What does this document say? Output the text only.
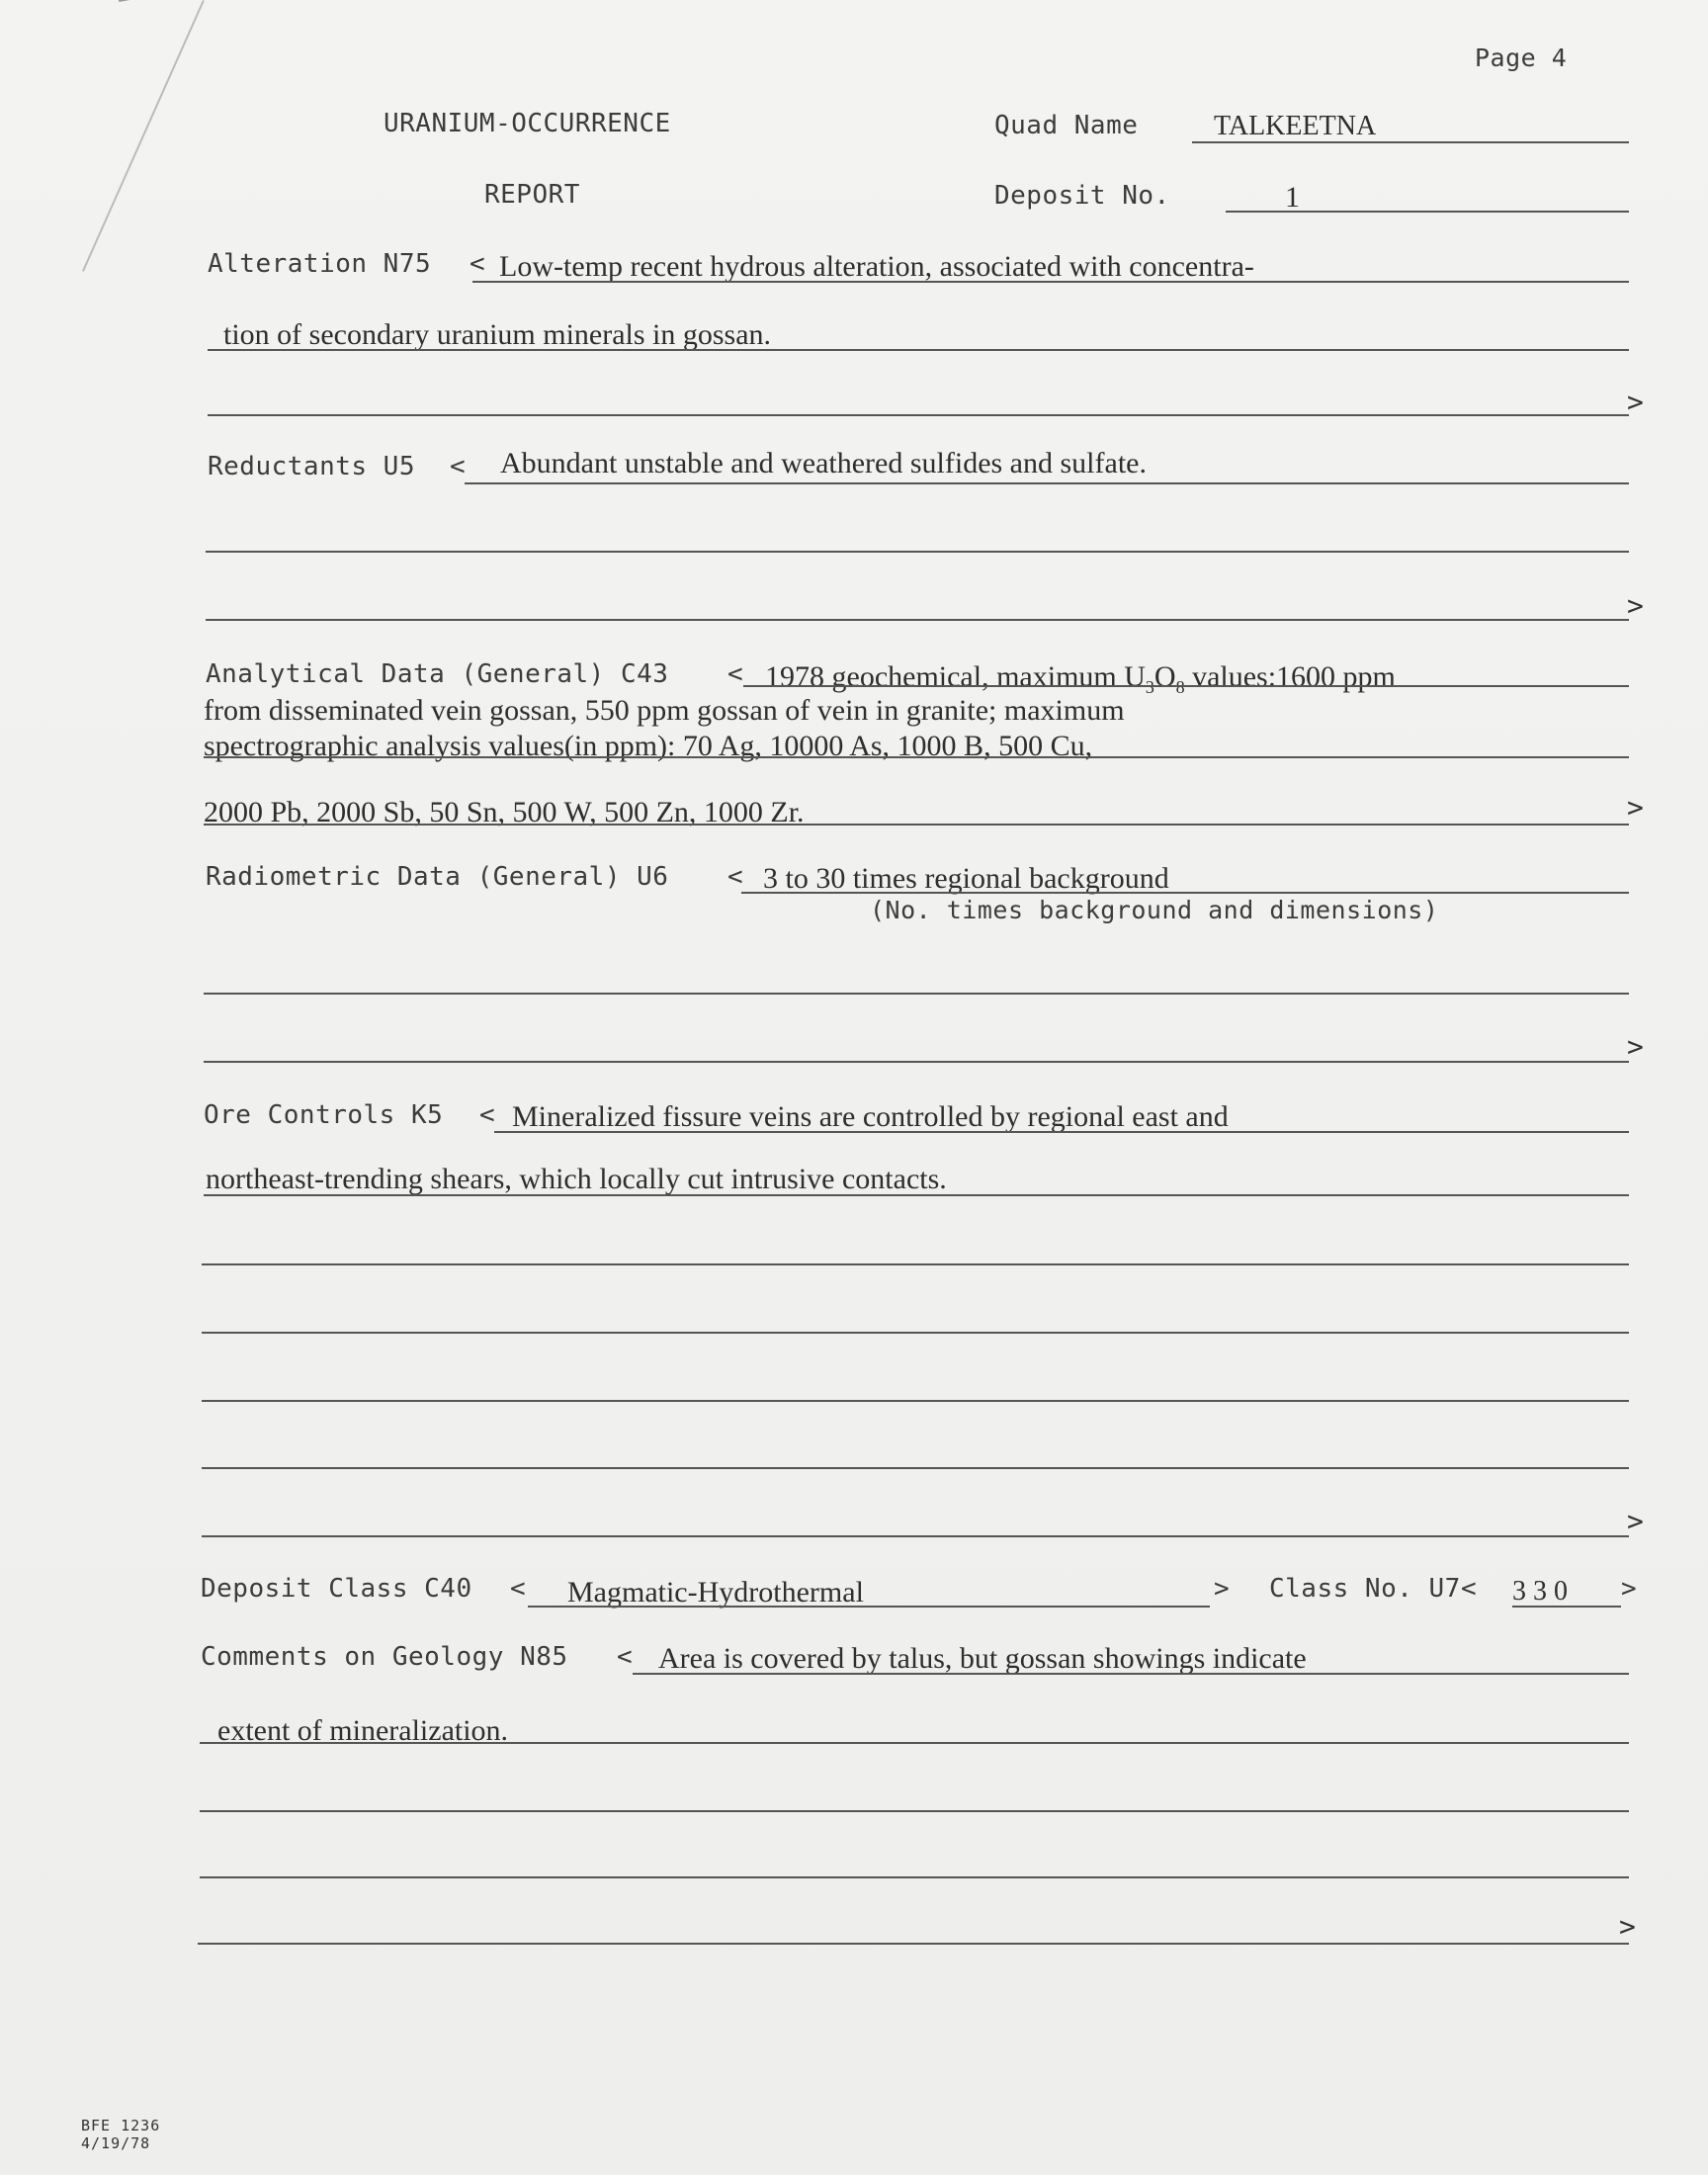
Page 4
URANIUM-OCCURRENCE
REPORT
Quad Name	TALKEETNA
Deposit No.	1
Alteration N75 < Low-temp recent hydrous alteration, associated with concentra-
tion of secondary uranium minerals in gossan.
>
Reductants U5 < Abundant unstable and weathered sulfides and sulfate.
>
Analytical Data (General) C43 < 1978 geochemical, maximum $U_3O_8$ values:1600 ppm
from disseminated vein gossan, 550 ppm gossan of vein in granite; maximum
spectrographic analysis values(in ppm): 70 Ag, 10000 As, 1000 B, 500 Cu,
2000 Pb, 2000 Sb, 50 Sn, 500 W, 500 Zn, 1000 Zr.	>
Radiometric Data (General) U6 < 3 to 30 times regional background
(No. times background and dimensions)
>
Ore Controls K5 < Mineralized fissure veins are controlled by regional east and
northeast-trending shears, which locally cut intrusive contacts.
>
Deposit Class C40 < Magmatic-Hydrothermal	> Class No. U7 < 3 3 0 >
Comments on Geology N85 < Area is covered by talus, but gossan showings indicate
extent of mineralization.
>
BFE 1236
4/19/78
